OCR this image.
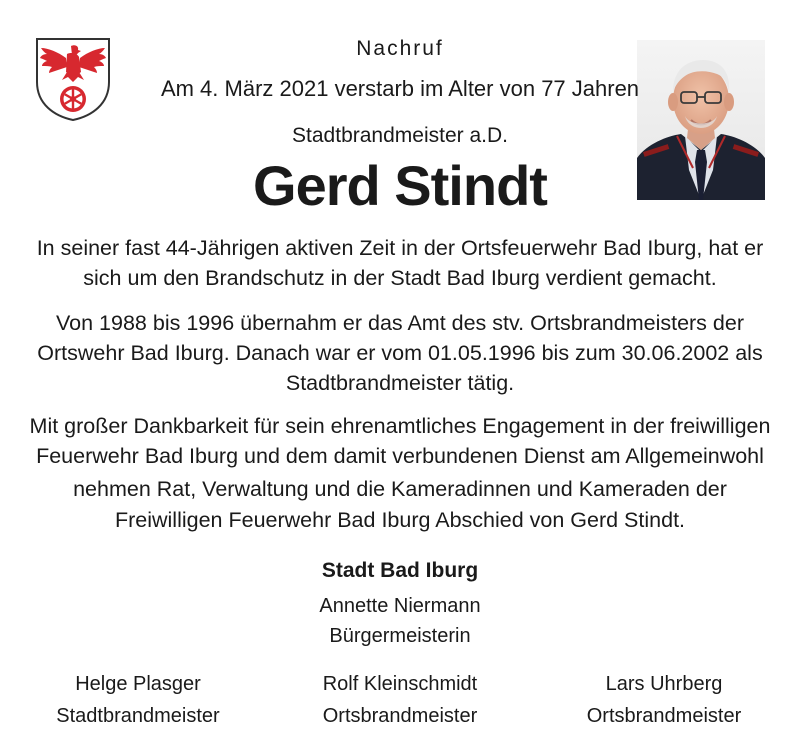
Nachruf
Am 4. März 2021 verstarb im Alter von 77 Jahren
Stadtbrandmeister a.D.
Gerd Stindt
In seiner fast 44-Jährigen aktiven Zeit in der Ortsfeuerwehr Bad Iburg, hat er
sich um den Brandschutz in der Stadt Bad Iburg verdient gemacht.
Von 1988 bis 1996 übernahm er das Amt des stv. Ortsbrandmeisters der
Ortswehr Bad Iburg. Danach war er vom 01.05.1996 bis zum 30.06.2002 als
Stadtbrandmeister tätig.
Mit großer Dankbarkeit für sein ehrenamtliches Engagement in der freiwilligen
Feuerwehr Bad Iburg und dem damit verbundenen Dienst am Allgemeinwohl
nehmen Rat, Verwaltung und die Kameradinnen und Kameraden der
Freiwilligen Feuerwehr Bad Iburg Abschied von Gerd Stindt.
Stadt Bad Iburg
Annette Niermann
Bürgermeisterin
Helge Plasger
Stadtbrandmeister
Rolf Kleinschmidt
Ortsbrandmeister
Lars Uhrberg
Ortsbrandmeister
